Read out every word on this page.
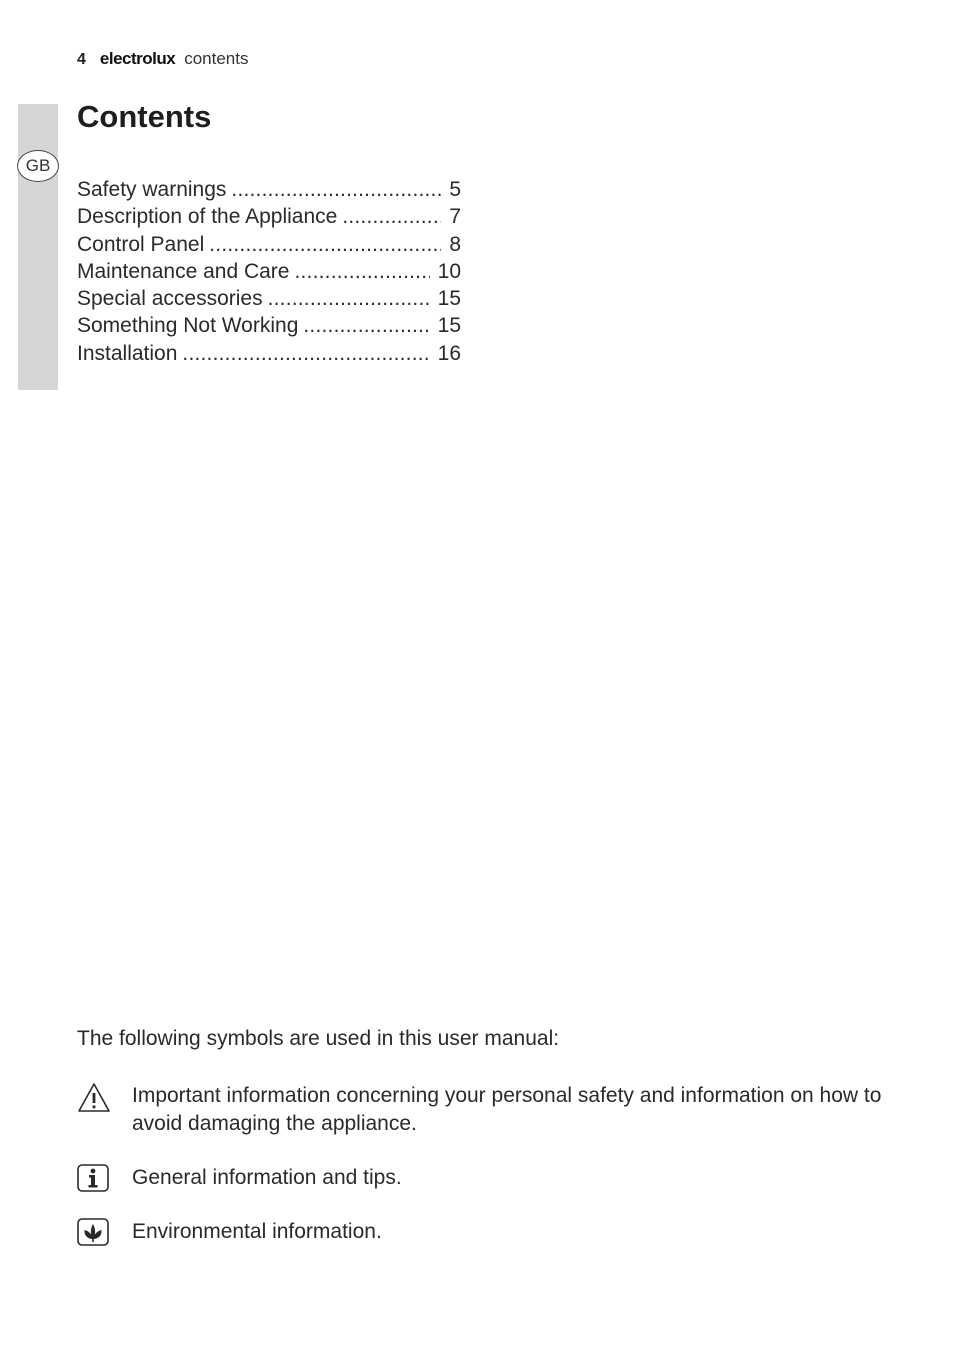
4 electrolux contents
GB
Contents
Safety warnings .....	5
Description of the Appliance .....	7
Control Panel .....	8
Maintenance and Care .....	10
Special accessories .....	15
Something Not Working .....	15
Installation .....	16
The following symbols are used in this user manual:
Important information concerning your personal safety and information on how to avoid damaging the appliance.
General information and tips.
Environmental information.
